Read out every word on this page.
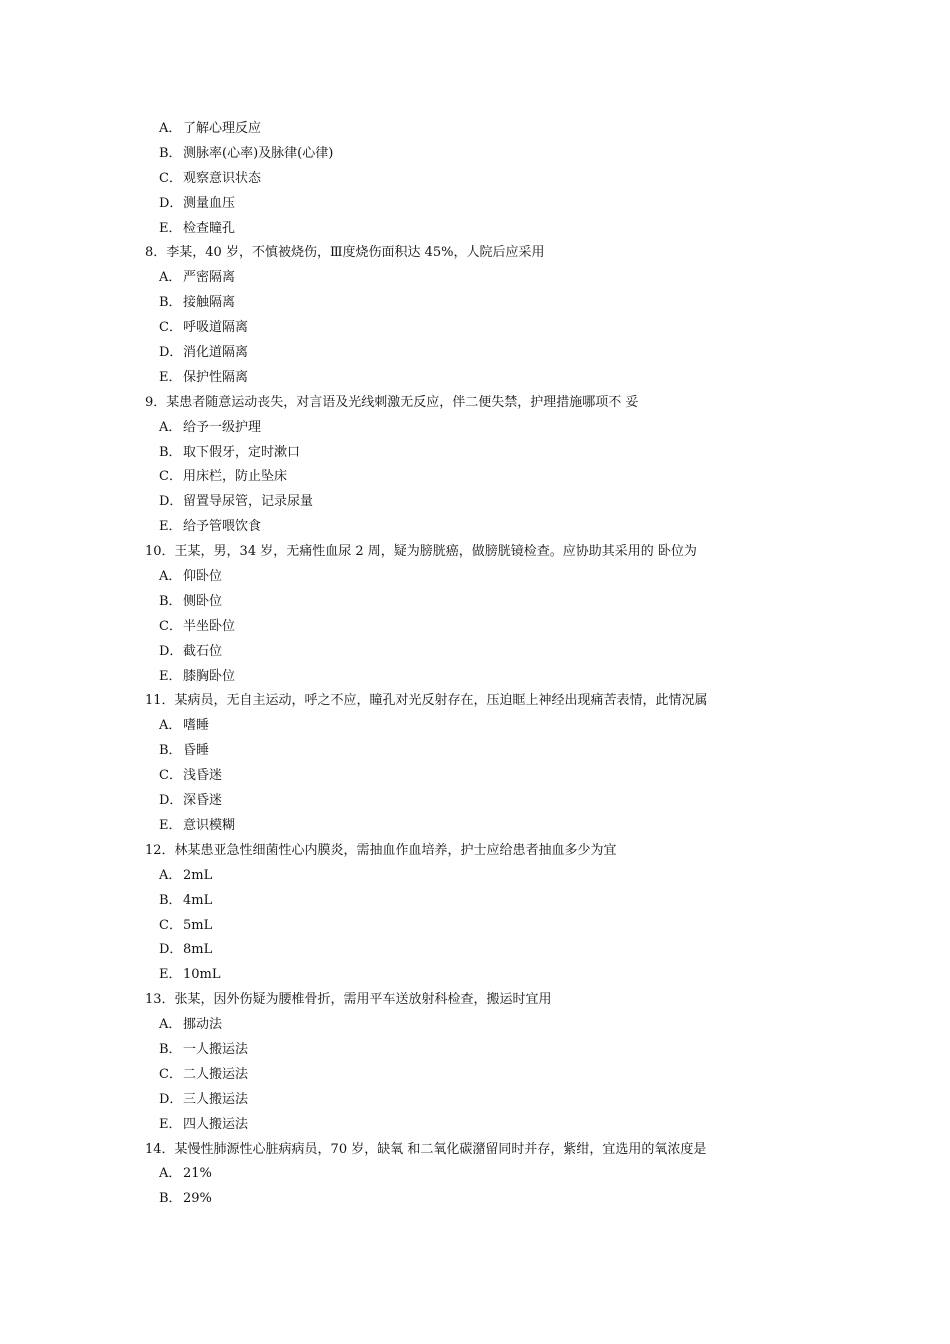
A． 了解心理反应
B．测脉率(心率)及脉律(心律)
C．观察意识状态
D．测量血压
E． 检查瞳孔
8．李某，40 岁，不慎被烧伤，Ⅲ度烧伤面积达 45%，人院后应采用
A． 严密隔离
B．接触隔离
C．呼吸道隔离
D．消化道隔离
E． 保护性隔离
9．某患者随意运动丧失，对言语及光线刺激无反应，伴二便失禁，护理措施哪项不 妥
A． 给予一级护理
B．取下假牙，定时漱口
C．用床栏，防止坠床
D．留置导尿管，记录尿量
E． 给予管喂饮食
10．王某，男，34 岁，无痛性血尿 2 周，疑为膀胱癌，做膀胱镜检查。应协助其采用的 卧位为
A． 仰卧位
B．侧卧位
C．半坐卧位
D．截石位
E． 膝胸卧位
11．某病员，无自主运动，呼之不应，瞳孔对光反射存在，压迫眶上神经出现痛苦表情，此情况属
A． 嗜睡
B．昏睡
C．浅昏迷
D．深昏迷
E． 意识模糊
12．林某患亚急性细菌性心内膜炎，需抽血作血培养，护士应给患者抽血多少为宜
A． 2mL
B．4mL
C．5mL
D．8mL
E． 10mL
13．张某，因外伤疑为腰椎骨折，需用平车送放射科检查，搬运时宜用
A． 挪动法
B．一人搬运法
C．二人搬运法
D．三人搬运法
E． 四人搬运法
14．某慢性肺源性心脏病病员，70 岁，缺氧 和二氧化碳潴留同时并存，紫绀，宜选用的氧浓度是
A． 21%
B．29%
